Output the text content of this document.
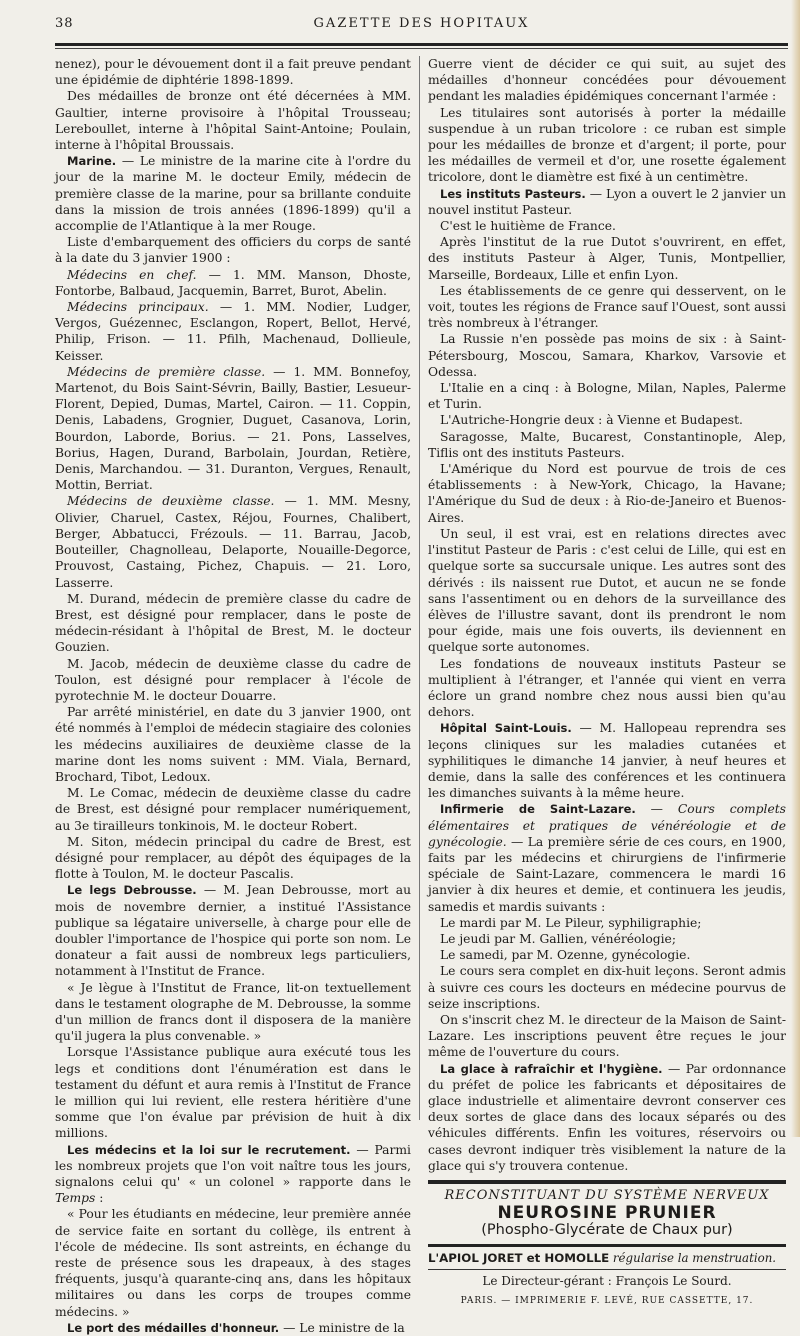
38	GAZETTE DES HOPITAUX

nenez), pour le dévouement dont il a fait preuve pendant une épidémie de diphtérie 1898-1899.

Des médailles de bronze ont été décernées à MM. Gaultier, interne provisoire à l'hôpital Trousseau; Lereboullet, interne à l'hôpital Saint-Antoine; Poulain, interne à l'hôpital Broussais.

Marine. — Le ministre de la marine cite à l'ordre du jour de la marine M. le docteur Emily, médecin de première classe de la marine, pour sa brillante conduite dans la mission de trois années (1896-1899) qu'il a accomplie de l'Atlantique à la mer Rouge.

Liste d'embarquement des officiers du corps de santé à la date du 3 janvier 1900 :

Médecins en chef. — 1. MM. Manson, Dhoste, Fontorbe, Balbaud, Jacquemin, Barret, Burot, Abelin.

Médecins principaux. — 1. MM. Nodier, Ludger, Vergos, Guézennec, Esclangon, Ropert, Bellot, Hervé, Philip, Frison. — 11. Pfilh, Machenaud, Dollieule, Keisser.

Médecins de première classe. — 1. MM. Bonnefoy, Martenot, du Bois Saint-Sévrin, Bailly, Bastier, Lesueur-Florent, Depied, Dumas, Martel, Cairon. — 11. Coppin, Denis, Labadens, Grognier, Duguet, Casanova, Lorin, Bourdon, Laborde, Borius. — 21. Pons, Lasselves, Borius, Hagen, Durand, Barbolain, Jourdan, Retière, Denis, Marchandou. — 31. Duranton, Vergues, Renault, Mottin, Berriat.

Médecins de deuxième classe. — 1. MM. Mesny, Olivier, Charuel, Castex, Réjou, Fournes, Chalibert, Berger, Abbatucci, Frézouls. — 11. Barrau, Jacob, Bouteiller, Chagnolleau, Delaporte, Nouaille-Degorce, Prouvost, Castaing, Pichez, Chapuis. — 21. Loro, Lasserre.

M. Durand, médecin de première classe du cadre de Brest, est désigné pour remplacer, dans le poste de médecin-résidant à l'hôpital de Brest, M. le docteur Gouzien.

M. Jacob, médecin de deuxième classe du cadre de Toulon, est désigné pour remplacer à l'école de pyrotechnie M. le docteur Douarre.

Par arrêté ministériel, en date du 3 janvier 1900, ont été nommés à l'emploi de médecin stagiaire des colonies les médecins auxiliaires de deuxième classe de la marine dont les noms suivent : MM. Viala, Bernard, Brochard, Tibot, Ledoux.

M. Le Comac, médecin de deuxième classe du cadre de Brest, est désigné pour remplacer numériquement, au 3e tirailleurs tonkinois, M. le docteur Robert.

M. Siton, médecin principal du cadre de Brest, est désigné pour remplacer, au dépôt des équipages de la flotte à Toulon, M. le docteur Pascalis.

Le legs Debrousse. — M. Jean Debrousse, mort au mois de novembre dernier, a institué l'Assistance publique sa légataire universelle, à charge pour elle de doubler l'importance de l'hospice qui porte son nom. Le donateur a fait aussi de nombreux legs particuliers, notamment à l'Institut de France.

« Je lègue à l'Institut de France, lit-on textuellement dans le testament olographe de M. Debrousse, la somme d'un million de francs dont il disposera de la manière qu'il jugera la plus convenable. »

Lorsque l'Assistance publique aura exécuté tous les legs et conditions dont l'énumération est dans le testament du défunt et aura remis à l'Institut de France le million qui lui revient, elle restera héritière d'une somme que l'on évalue par prévision de huit à dix millions.

Les médecins et la loi sur le recrutement. — Parmi les nombreux projets que l'on voit naître tous les jours, signalons celui qu' « un colonel » rapporte dans le Temps :

« Pour les étudiants en médecine, leur première année de service faite en sortant du collège, ils entrent à l'école de médecine. Ils sont astreints, en échange du reste de présence sous les drapeaux, à des stages fréquents, jusqu'à quarante-cinq ans, dans les hôpitaux militaires ou dans les corps de troupes comme médecins. »

Le port des médailles d'honneur. — Le ministre de la

Guerre vient de décider ce qui suit, au sujet des médailles d'honneur concédées pour dévouement pendant les maladies épidémiques concernant l'armée :

Les titulaires sont autorisés à porter la médaille suspendue à un ruban tricolore : ce ruban est simple pour les médailles de bronze et d'argent; il porte, pour les médailles de vermeil et d'or, une rosette également tricolore, dont le diamètre est fixé à un centimètre.

Les instituts Pasteurs. — Lyon a ouvert le 2 janvier un nouvel institut Pasteur.

C'est le huitième de France.

Après l'institut de la rue Dutot s'ouvrirent, en effet, des instituts Pasteur à Alger, Tunis, Montpellier, Marseille, Bordeaux, Lille et enfin Lyon.

Les établissements de ce genre qui desservent, on le voit, toutes les régions de France sauf l'Ouest, sont aussi très nombreux à l'étranger.

La Russie n'en possède pas moins de six : à Saint-Pétersbourg, Moscou, Samara, Kharkov, Varsovie et Odessa.

L'Italie en a cinq : à Bologne, Milan, Naples, Palerme et Turin.

L'Autriche-Hongrie deux : à Vienne et Budapest.

Saragosse, Malte, Bucarest, Constantinople, Alep, Tiflis ont des instituts Pasteurs.

L'Amérique du Nord est pourvue de trois de ces établissements : à New-York, Chicago, la Havane; l'Amérique du Sud de deux : à Rio-de-Janeiro et Buenos-Aires.

Un seul, il est vrai, est en relations directes avec l'institut Pasteur de Paris : c'est celui de Lille, qui est en quelque sorte sa succursale unique. Les autres sont des dérivés : ils naissent rue Dutot, et aucun ne se fonde sans l'assentiment ou en dehors de la surveillance des élèves de l'illustre savant, dont ils prendront le nom pour égide, mais une fois ouverts, ils deviennent en quelque sorte autonomes.

Les fondations de nouveaux instituts Pasteur se multiplient à l'étranger, et l'année qui vient en verra éclore un grand nombre chez nous aussi bien qu'au dehors.

Hôpital Saint-Louis. — M. Hallopeau reprendra ses leçons cliniques sur les maladies cutanées et syphilitiques le dimanche 14 janvier, à neuf heures et demie, dans la salle des conférences et les continuera les dimanches suivants à la même heure.

Infirmerie de Saint-Lazare. — Cours complets élémentaires et pratiques de vénéréologie et de gynécologie. — La première série de ces cours, en 1900, faits par les médecins et chirurgiens de l'infirmerie spéciale de Saint-Lazare, commencera le mardi 16 janvier à dix heures et demie, et continuera les jeudis, samedis et mardis suivants :

Le mardi par M. Le Pileur, syphiligraphie;

Le jeudi par M. Gallien, vénéréologie;

Le samedi, par M. Ozenne, gynécologie.

Le cours sera complet en dix-huit leçons. Seront admis à suivre ces cours les docteurs en médecine pourvus de seize inscriptions.

On s'inscrit chez M. le directeur de la Maison de Saint-Lazare. Les inscriptions peuvent être reçues le jour même de l'ouverture du cours.

La glace à rafraîchir et l'hygiène. — Par ordonnance du préfet de police les fabricants et dépositaires de glace industrielle et alimentaire devront conserver ces deux sortes de glace dans des locaux séparés ou des véhicules différents. Enfin les voitures, réservoirs ou cases devront indiquer très visiblement la nature de la glace qui s'y trouvera contenue.

RECONSTITUANT DU SYSTÈME NERVEUX
NEUROSINE PRUNIER
(Phospho-Glycérate de Chaux pur)

L'APIOL JORET et HOMOLLE régularise la menstruation.

Le Directeur-gérant : François Le Sourd.
PARIS. — IMPRIMERIE F. LEVÉ, RUE CASSETTE, 17.
